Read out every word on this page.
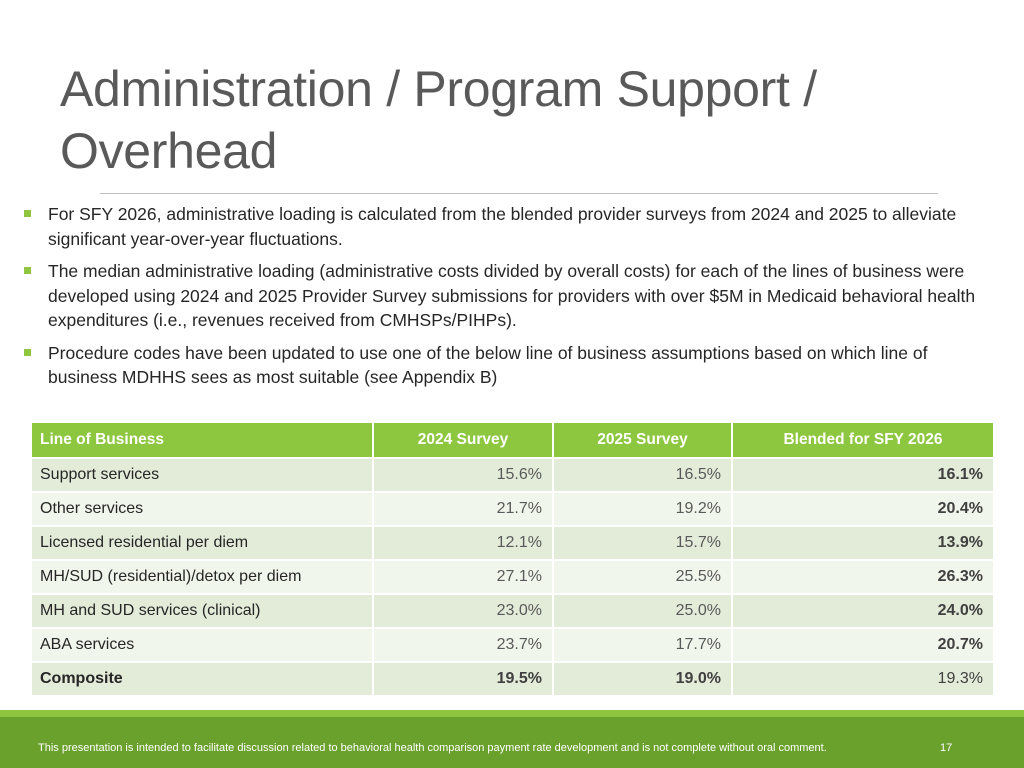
Administration / Program Support / Overhead
For SFY 2026, administrative loading is calculated from the blended provider surveys from 2024 and 2025 to alleviate significant year-over-year fluctuations.
The median administrative loading (administrative costs divided by overall costs) for each of the lines of business were developed using 2024 and 2025 Provider Survey submissions for providers with over $5M in Medicaid behavioral health expenditures (i.e., revenues received from CMHSPs/PIHPs).
Procedure codes have been updated to use one of the below line of business assumptions based on which line of business MDHHS sees as most suitable (see Appendix B)
Line of Business	2024 Survey	2025 Survey	Blended for SFY 2026
Support services	15.6%	16.5%	16.1%
Other services	21.7%	19.2%	20.4%
Licensed residential per diem	12.1%	15.7%	13.9%
MH/SUD (residential)/detox per diem	27.1%	25.5%	26.3%
MH and SUD services (clinical)	23.0%	25.0%	24.0%
ABA services	23.7%	17.7%	20.7%
Composite	19.5%	19.0%	19.3%
This presentation is intended to facilitate discussion related to behavioral health comparison payment rate development and is not complete without oral comment.	17
